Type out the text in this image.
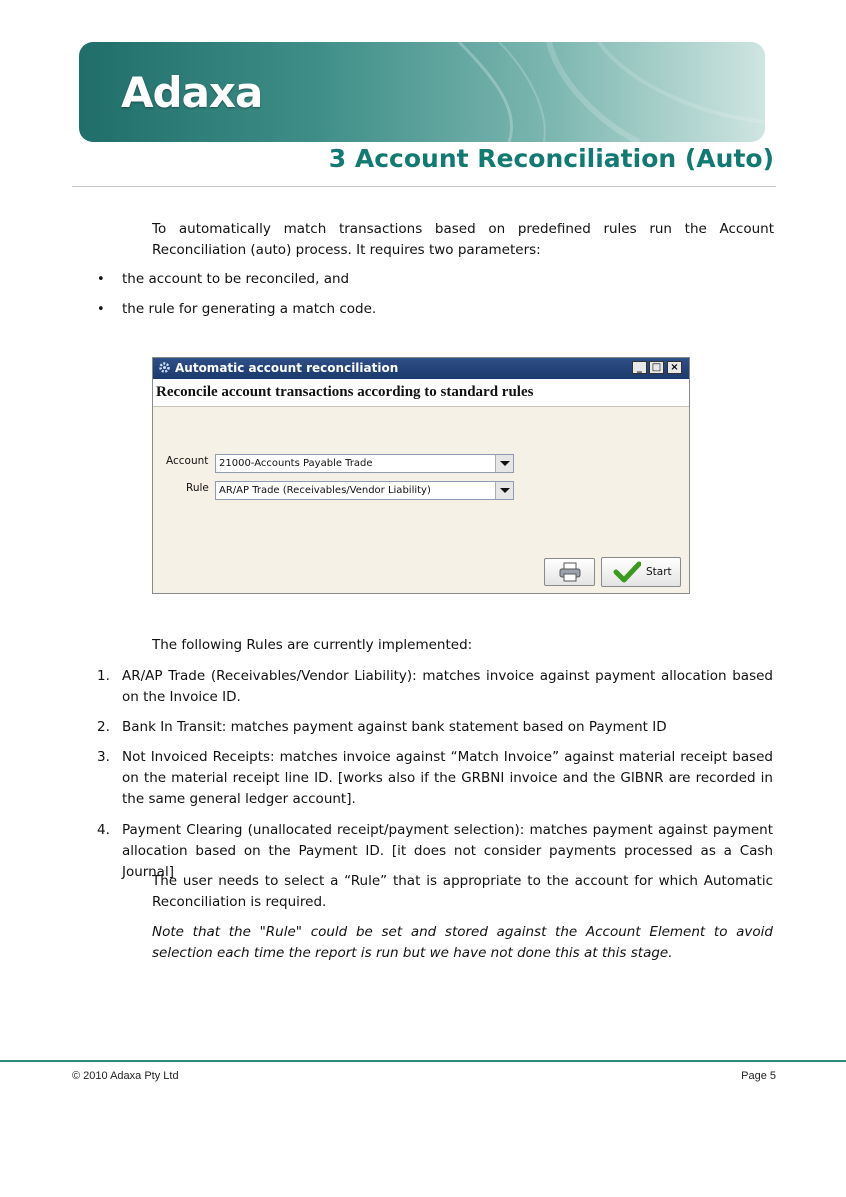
Adaxa
3 Account Reconciliation (Auto)
To automatically match transactions based on predefined rules run the Account Reconciliation (auto) process. It requires two parameters:
• the account to be reconciled, and
• the rule for generating a match code.
Automatic account reconciliation	_ □ ×
Reconcile account transactions according to standard rules
Account 21000-Accounts Payable Trade
Rule AR/AP Trade (Receivables/Vendor Liability)
Start
The following Rules are currently implemented:
1. AR/AP Trade (Receivables/Vendor Liability): matches invoice against payment allocation based on the Invoice ID.
2. Bank In Transit: matches payment against bank statement based on Payment ID
3. Not Invoiced Receipts: matches invoice against “Match Invoice” against material receipt based on the material receipt line ID. [works also if the GRBNI invoice and the GIBNR are recorded in the same general ledger account].
4. Payment Clearing (unallocated receipt/payment selection): matches payment against payment allocation based on the Payment ID. [it does not consider payments processed as a Cash Journal]
The user needs to select a “Rule” that is appropriate to the account for which Automatic Reconciliation is required.
Note that the "Rule" could be set and stored against the Account Element to avoid selection each time the report is run but we have not done this at this stage.
© 2010 Adaxa Pty Ltd	Page 5
